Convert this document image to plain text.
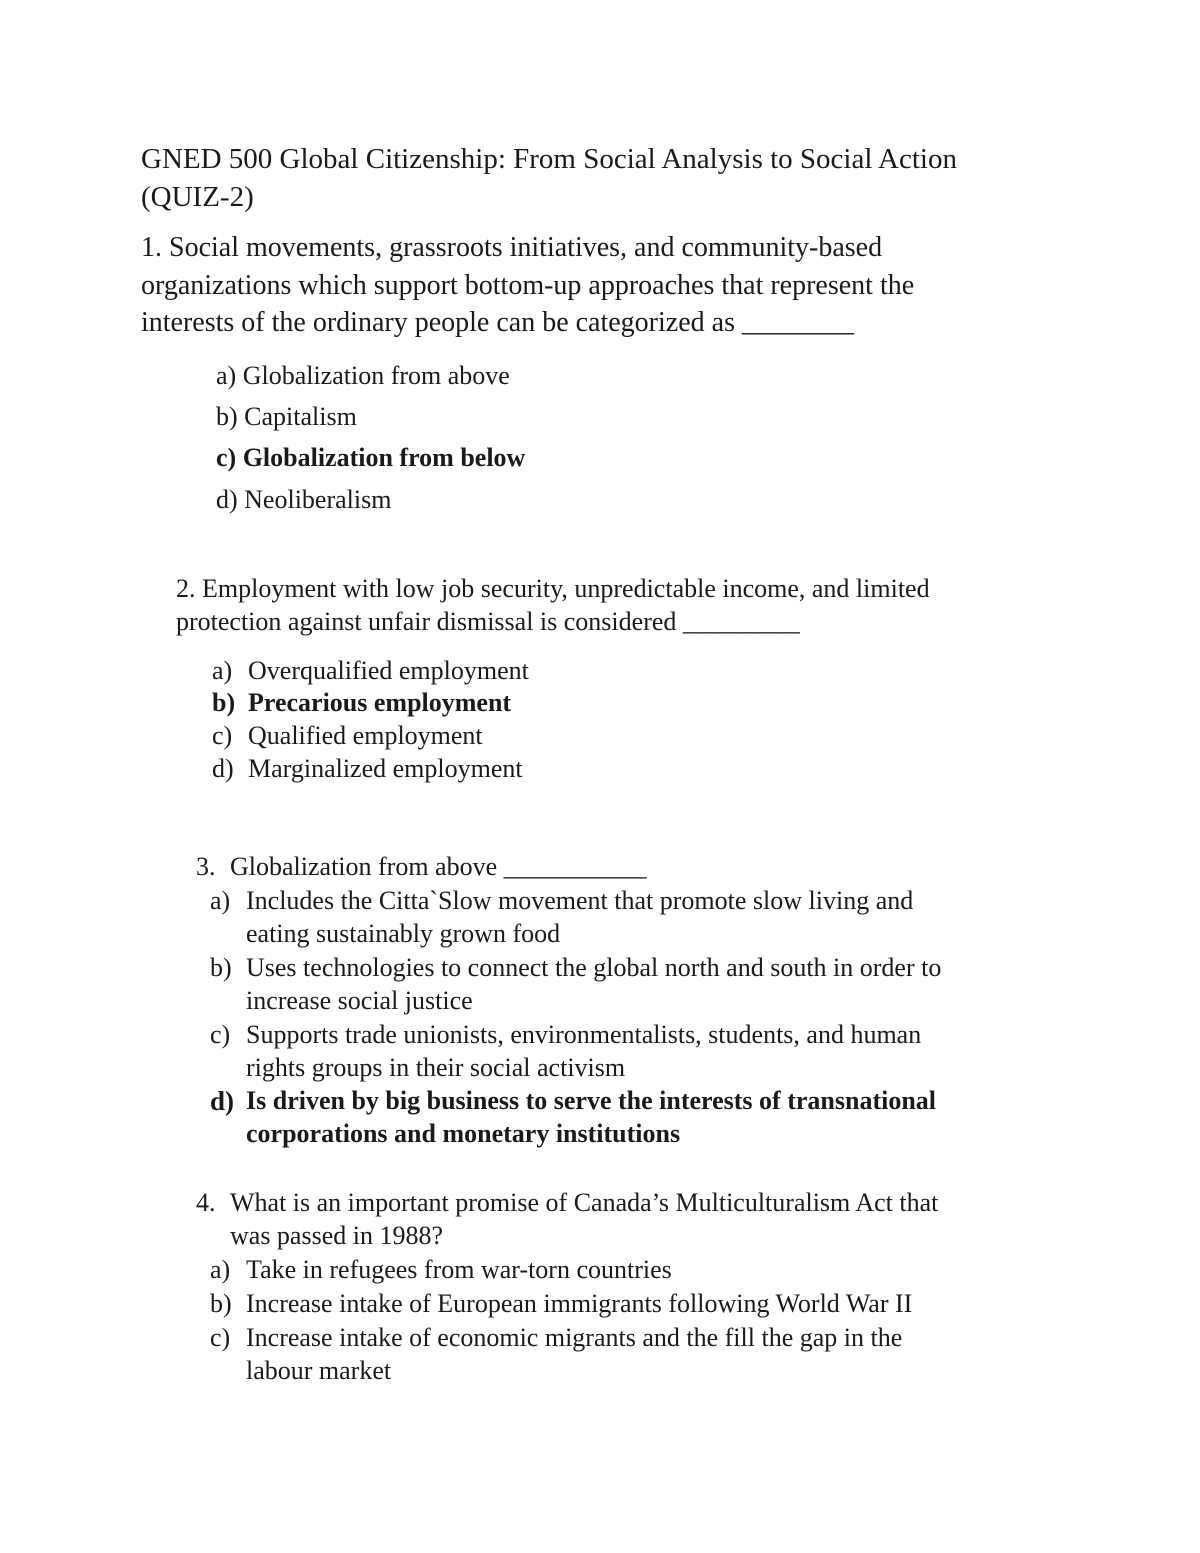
GNED 500 Global Citizenship: From Social Analysis to Social Action
(QUIZ-2)
1. Social movements, grassroots initiatives, and community-based
organizations which support bottom-up approaches that represent the
interests of the ordinary people can be categorized as ________
a) Globalization from above
b) Capitalism
c) Globalization from below
d) Neoliberalism
2. Employment with low job security, unpredictable income, and limited
protection against unfair dismissal is considered _________
a) Overqualified employment
b) Precarious employment
c) Qualified employment
d) Marginalized employment
3. Globalization from above ___________
a) Includes the Citta`Slow movement that promote slow living and
eating sustainably grown food
b) Uses technologies to connect the global north and south in order to
increase social justice
c) Supports trade unionists, environmentalists, students, and human
rights groups in their social activism
d) Is driven by big business to serve the interests of transnational
corporations and monetary institutions
4. What is an important promise of Canada’s Multiculturalism Act that
was passed in 1988?
a) Take in refugees from war-torn countries
b) Increase intake of European immigrants following World War II
c) Increase intake of economic migrants and the fill the gap in the
labour market
